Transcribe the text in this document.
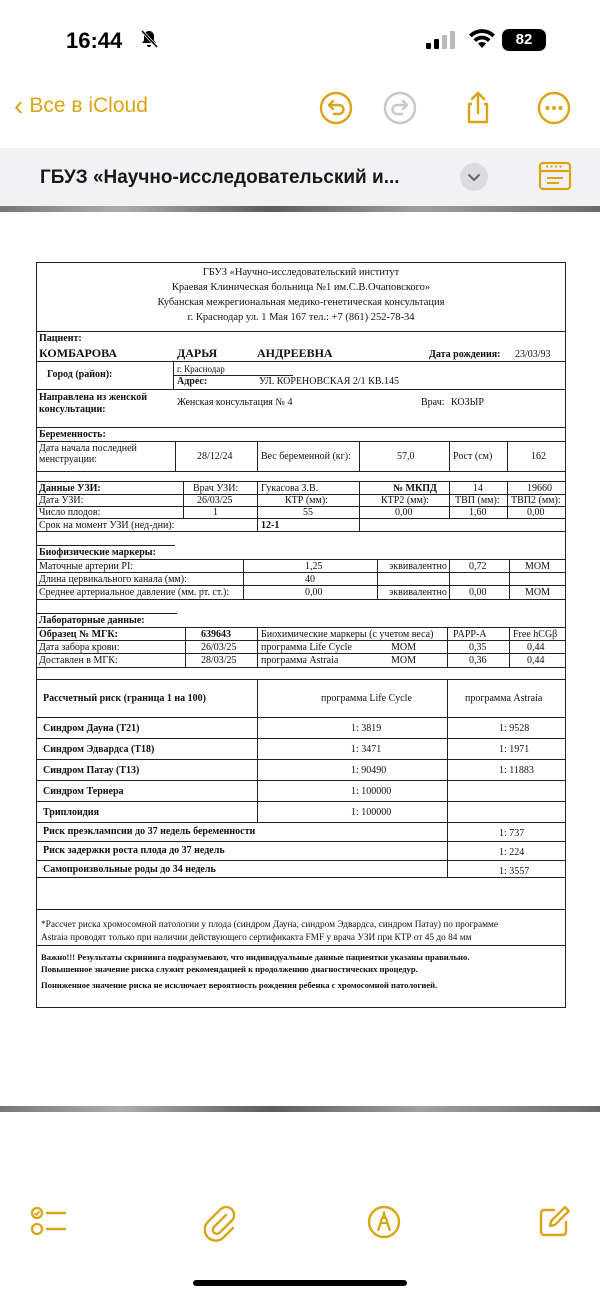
16:44	82
‹ Все в iCloud
ГБУЗ «Научно-исследовательский и...
ГБУЗ «Научно-исследовательский институт
Краевая Клиническая больница №1 им.С.В.Очаповского»
Кубанская межрегиональная медико-генетическая консультация
г. Краснодар ул. 1 Мая 167 тел.: +7 (861) 252-78-34
Пациент:
КОМБАРОВА	ДАРЬЯ	АНДРЕЕВНА	Дата рождения: 23/03/93
Город (район):	г. Краснодар
Адрес:	УЛ. КОРЕНОВСКАЯ 2/1 КВ.145
Направлена из женской консультации:
Женская консультация № 4	Врач: КОЗЫР
Беременность:
Дата начала последней менструации:	28/12/24	Вес беременной (кг):	57,0	Рост (см)	162
Данные УЗИ:	Врач УЗИ: Гукасова З.В.	№ МКПД	14	19660
Дата УЗИ:	26/03/25	КТР (мм):	КТР2 (мм):	ТВП (мм): ТВП2 (мм):
Число плодов:	1	55	0,00	1,60	0,00
Срок на момент УЗИ (нед-дни):	12-1
Биофизические маркеры:
Маточные артерии PI:	1,25	эквивалентно 0,72	МОМ
Длина цервикального канала (мм):	40
Среднее артериальное давление (мм. рт. ст.):	0,00	эквивалентно 0,00	МОМ
Лабораторные данные:
Образец № МГК:	639643	Биохимические маркеры (с учетом веса) PAPP-A	Free hCGβ
Дата забора крови:	26/03/25 программа Life Cycle	МОМ	0,35	0,44
Доставлен в МГК:	28/03/25 программа Astraia	МОМ	0,36	0,44
Рассчетный риск (граница 1 на 100)	программа Life Cycle	программа Astraia
Синдром Дауна (Т21)	1: 3819	1: 9528
Синдром Эдвардса (Т18)	1: 3471	1: 1971
Синдром Патау (Т13)	1: 90490	1: 11883
Синдром Тернера	1: 100000
Триплоидия	1: 100000
Риск преэклампсии до 37 недель беременности	1: 737
Риск задержки роста плода до 37 недель	1: 224
Самопроизвольные роды до 34 недель	1: 3557
*Рассчет риска хромосомной патологии у плода (синдром Дауна, синдром Эдвардса, синдром Патау) по программе
Astraia проводят только при наличии действующего сертификакта FMF у врача УЗИ при КТР от 45 до 84 мм
Важно!!! Результаты скрининга подразумевают, что индивидуальные данные пациентки указаны правильно.
Повышенное значение риска служит рекомендацией к продолжению диагностических процедур.
Пониженное значение риска не исключает вероятность рождения ребенка с хромосомной патологией.
